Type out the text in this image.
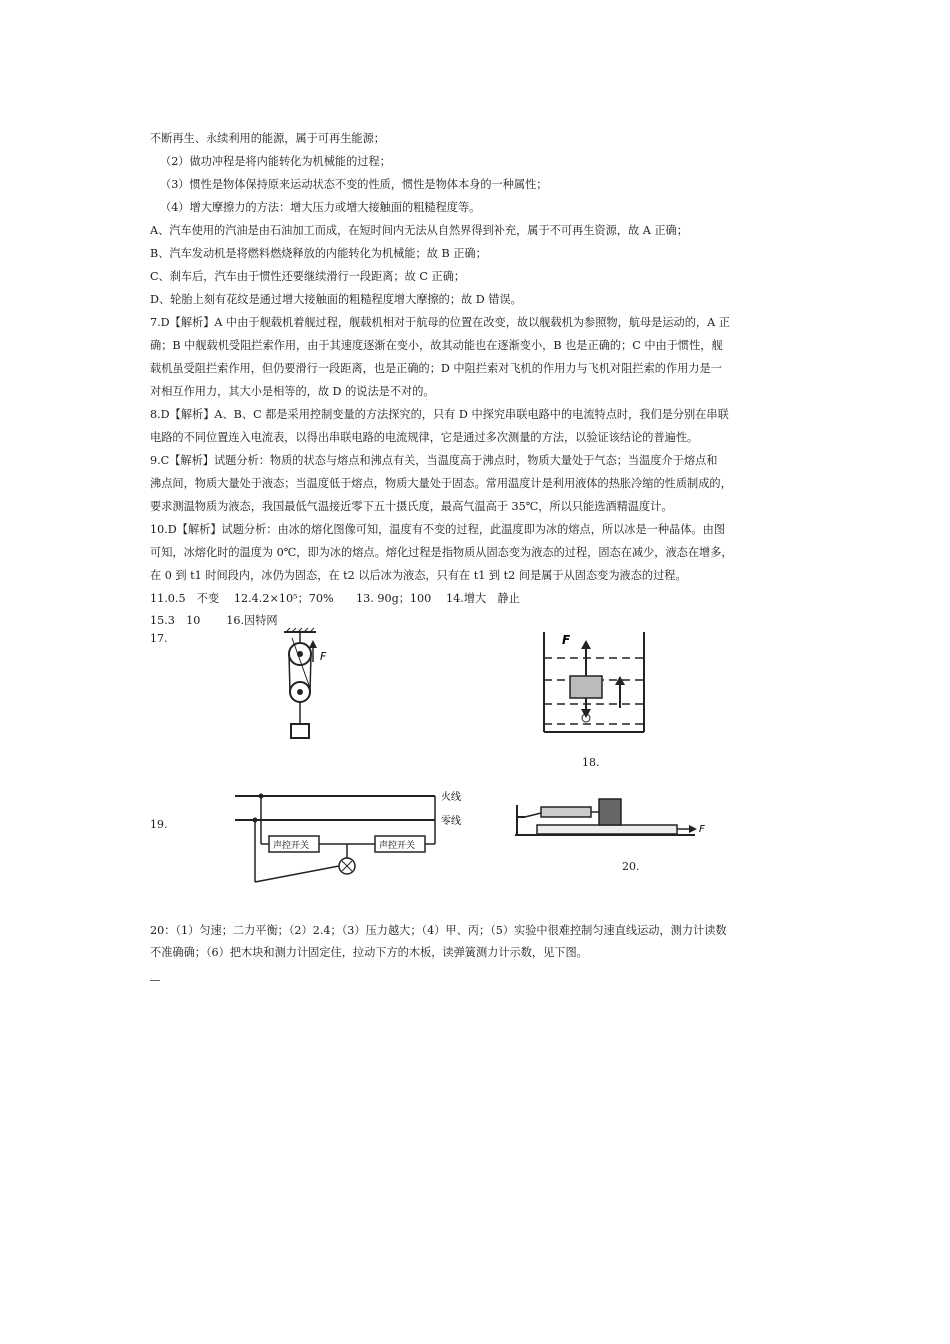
不断再生、永续利用的能源，属于可再生能源；
（2）做功冲程是将内能转化为机械能的过程；
（3）惯性是物体保持原来运动状态不变的性质，惯性是物体本身的一种属性；
（4）增大摩擦力的方法：增大压力或增大接触面的粗糙程度等。
A、汽车使用的汽油是由石油加工而成，在短时间内无法从自然界得到补充，属于不可再生资源，故 A 正确；
B、汽车发动机是将燃料燃烧释放的内能转化为机械能；故 B 正确；
C、刹车后，汽车由于惯性还要继续滑行一段距离；故 C 正确；
D、轮胎上刻有花纹是通过增大接触面的粗糙程度增大摩擦的；故 D 错误。
7.D【解析】A 中由于舰载机着舰过程，舰载机相对于航母的位置在改变，故以舰载机为参照物，航母是运动的，A 正
确；B 中舰载机受阻拦索作用，由于其速度逐渐在变小，故其动能也在逐渐变小，B 也是正确的；C 中由于惯性，舰
载机虽受阻拦索作用，但仍要滑行一段距离，也是正确的；D 中阻拦索对飞机的作用力与飞机对阻拦索的作用力是一
对相互作用力，其大小是相等的，故 D 的说法是不对的。
8.D【解析】A、B、C 都是采用控制变量的方法探究的，只有 D 中探究串联电路中的电流特点时，我们是分别在串联
电路的不同位置连入电流表，以得出串联电路的电流规律，它是通过多次测量的方法，以验证该结论的普遍性。
9.C【解析】试题分析：物质的状态与熔点和沸点有关，当温度高于沸点时，物质大量处于气态；当温度介于熔点和
沸点间，物质大量处于液态；当温度低于熔点，物质大量处于固态。常用温度计是利用液体的热胀冷缩的性质制成的，
要求测温物质为液态，我国最低气温接近零下五十摄氏度，最高气温高于 35℃，所以只能选酒精温度计。
10.D【解析】试题分析：由冰的熔化图像可知，温度有不变的过程，此温度即为冰的熔点，所以冰是一种晶体。由图
可知，冰熔化时的温度为 0℃，即为冰的熔点。熔化过程是指物质从固态变为液态的过程，固态在减少，液态在增多，
在 0 到 t1 时间段内，冰仍为固态，在 t2 以后冰为液态，只有在 t1 到 t2 间是属于从固态变为液态的过程。
11.0.5　不变　 12.4.2×10⁵；70%　　13. 90g；100　 14.增大　静止
15.3　10　　 16.因特网
17.
F
F
18.
19.
声控开关	声控开关
火线
零线
F
20.
20：（1）匀速；二力平衡；（2）2.4；（3）压力越大；（4）甲、丙；（5）实验中很难控制匀速直线运动，测力计读数
不准确确；（6）把木块和测力计固定住，拉动下方的木板，读弹簧测力计示数，见下图。
